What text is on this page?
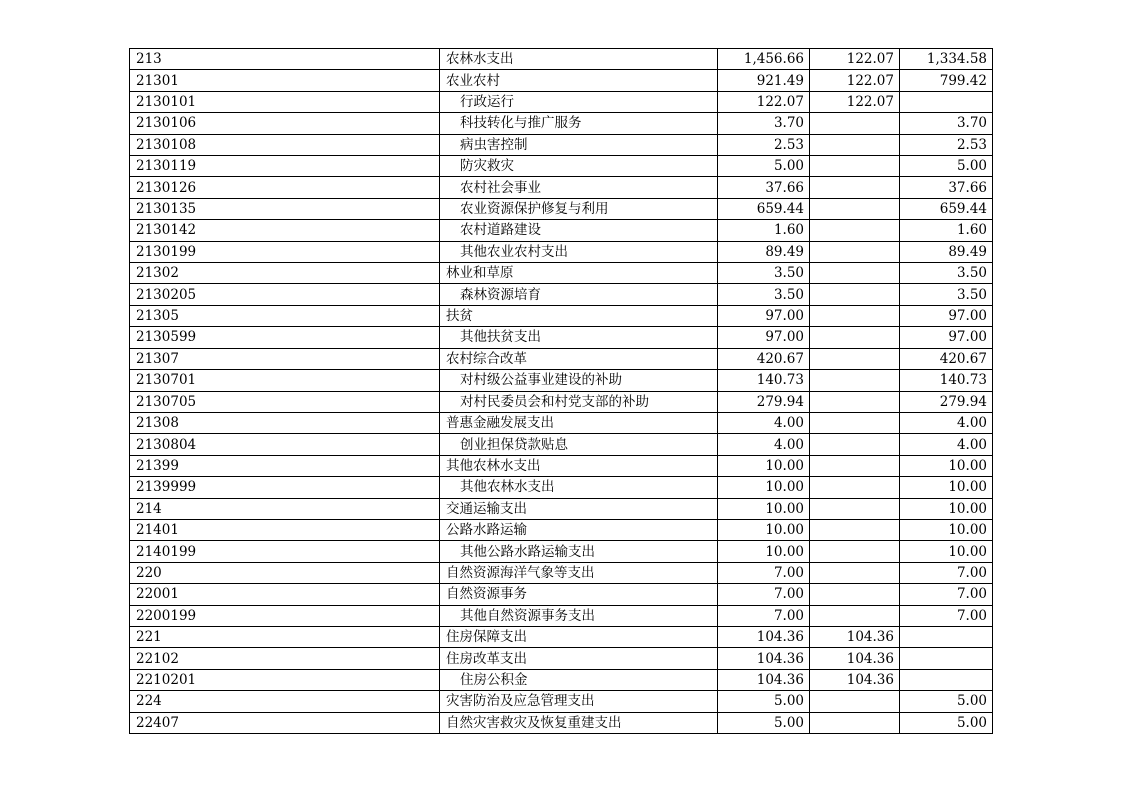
213	农林水支出	1,456.66	122.07	1,334.58
21301	农业农村	921.49	122.07	799.42
2130101	行政运行	122.07	122.07	
2130106	科技转化与推广服务	3.70		3.70
2130108	病虫害控制	2.53		2.53
2130119	防灾救灾	5.00		5.00
2130126	农村社会事业	37.66		37.66
2130135	农业资源保护修复与利用	659.44		659.44
2130142	农村道路建设	1.60		1.60
2130199	其他农业农村支出	89.49		89.49
21302	林业和草原	3.50		3.50
2130205	森林资源培育	3.50		3.50
21305	扶贫	97.00		97.00
2130599	其他扶贫支出	97.00		97.00
21307	农村综合改革	420.67		420.67
2130701	对村级公益事业建设的补助	140.73		140.73
2130705	对村民委员会和村党支部的补助	279.94		279.94
21308	普惠金融发展支出	4.00		4.00
2130804	创业担保贷款贴息	4.00		4.00
21399	其他农林水支出	10.00		10.00
2139999	其他农林水支出	10.00		10.00
214	交通运输支出	10.00		10.00
21401	公路水路运输	10.00		10.00
2140199	其他公路水路运输支出	10.00		10.00
220	自然资源海洋气象等支出	7.00		7.00
22001	自然资源事务	7.00		7.00
2200199	其他自然资源事务支出	7.00		7.00
221	住房保障支出	104.36	104.36	
22102	住房改革支出	104.36	104.36	
2210201	住房公积金	104.36	104.36	
224	灾害防治及应急管理支出	5.00		5.00
22407	自然灾害救灾及恢复重建支出	5.00		5.00
